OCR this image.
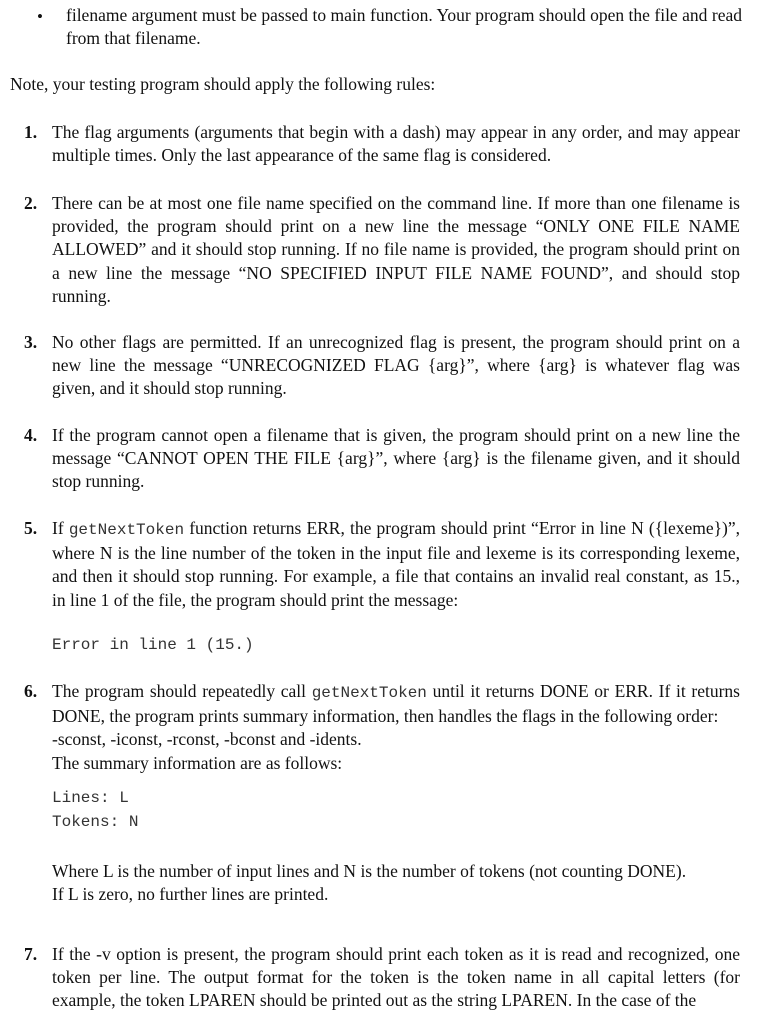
• filename argument must be passed to main function. Your program should open the file and read from that filename.
Note, your testing program should apply the following rules:
1. The flag arguments (arguments that begin with a dash) may appear in any order, and may appear multiple times. Only the last appearance of the same flag is considered.

2. There can be at most one file name specified on the command line. If more than one filename is provided, the program should print on a new line the message “ONLY ONE FILE NAME ALLOWED” and it should stop running. If no file name is provided, the program should print on a new line the message “NO SPECIFIED INPUT FILE NAME FOUND”, and should stop running.

3. No other flags are permitted. If an unrecognized flag is present, the program should print on a new line the message “UNRECOGNIZED FLAG {arg}”, where {arg} is whatever flag was given, and it should stop running.

4. If the program cannot open a filename that is given, the program should print on a new line the message “CANNOT OPEN THE FILE {arg}”, where {arg} is the filename given, and it should stop running.

5. If getNextToken function returns ERR, the program should print “Error in line N ({lexeme})”, where N is the line number of the token in the input file and lexeme is its corresponding lexeme, and then it should stop running. For example, a file that contains an invalid real constant, as 15., in line 1 of the file, the program should print the message:

Error in line 1 (15.)

6. The program should repeatedly call getNextToken until it returns DONE or ERR. If it returns DONE, the program prints summary information, then handles the flags in the following order:

-sconst, -iconst, -rconst, -bconst and -idents.

The summary information are as follows:

Lines: L

Tokens: N

Where L is the number of input lines and N is the number of tokens (not counting DONE).

If L is zero, no further lines are printed.

7. If the -v option is present, the program should print each token as it is read and recognized, one token per line. The output format for the token is the token name in all capital letters (for example, the token LPAREN should be printed out as the string LPAREN. In the case of the
